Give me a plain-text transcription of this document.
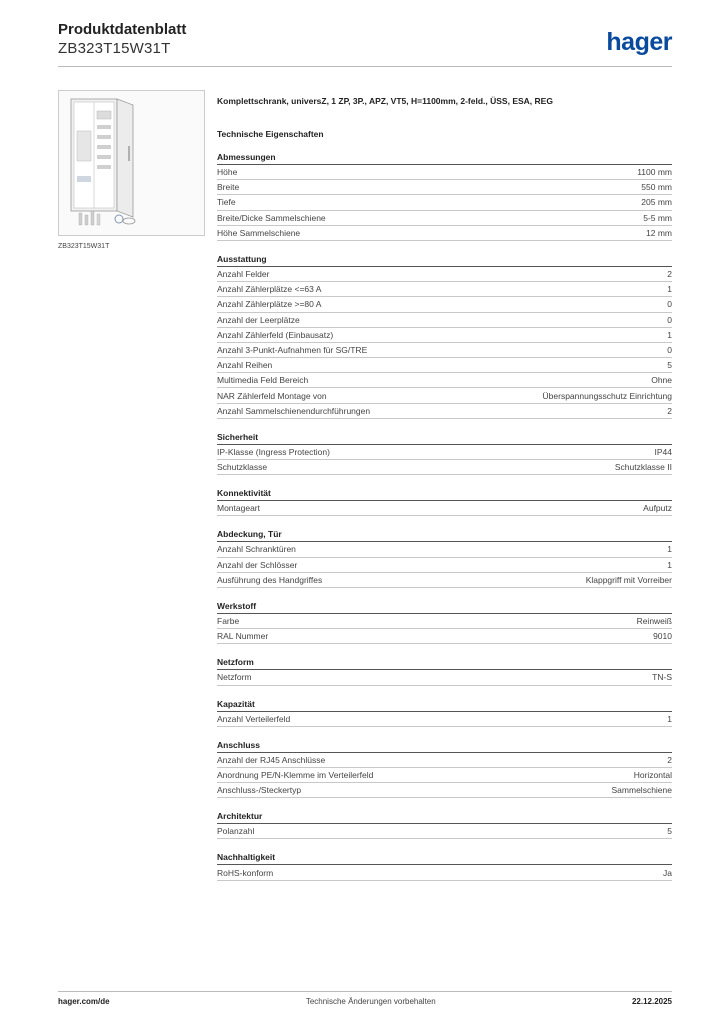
Produktdatenblatt
ZB323T15W31T	hager
ZB323T15W31T
Komplettschrank, universZ, 1 ZP, 3P., APZ, VT5, H=1100mm, 2-feld., ÜSS, ESA, REG
Technische Eigenschaften
Abmessungen
Höhe	1100 mm
Breite	550 mm
Tiefe	205 mm
Breite/Dicke Sammelschiene	5-5 mm
Höhe Sammelschiene	12 mm
Ausstattung
Anzahl Felder	2
Anzahl Zählerplätze <=63 A	1
Anzahl Zählerplätze >=80 A	0
Anzahl der Leerplätze	0
Anzahl Zählerfeld (Einbausatz)	1
Anzahl 3-Punkt-Aufnahmen für SG/TRE	0
Anzahl Reihen	5
Multimedia Feld Bereich	Ohne
NAR Zählerfeld Montage von	Überspannungsschutz Einrichtung
Anzahl Sammelschienendurchführungen	2
Sicherheit
IP-Klasse (Ingress Protection)	IP44
Schutzklasse	Schutzklasse II
Konnektivität
Montageart	Aufputz
Abdeckung, Tür
Anzahl Schranktüren	1
Anzahl der Schlösser	1
Ausführung des Handgriffes	Klappgriff mit Vorreiber
Werkstoff
Farbe	Reinweiß
RAL Nummer	9010
Netzform
Netzform	TN-S
Kapazität
Anzahl Verteilerfeld	1
Anschluss
Anzahl der RJ45 Anschlüsse	2
Anordnung PE/N-Klemme im Verteilerfeld	Horizontal
Anschluss-/Steckertyp	Sammelschiene
Architektur
Polanzahl	5
Nachhaltigkeit
RoHS-konform	Ja
hager.com/de	Technische Änderungen vorbehalten	22.12.2025
